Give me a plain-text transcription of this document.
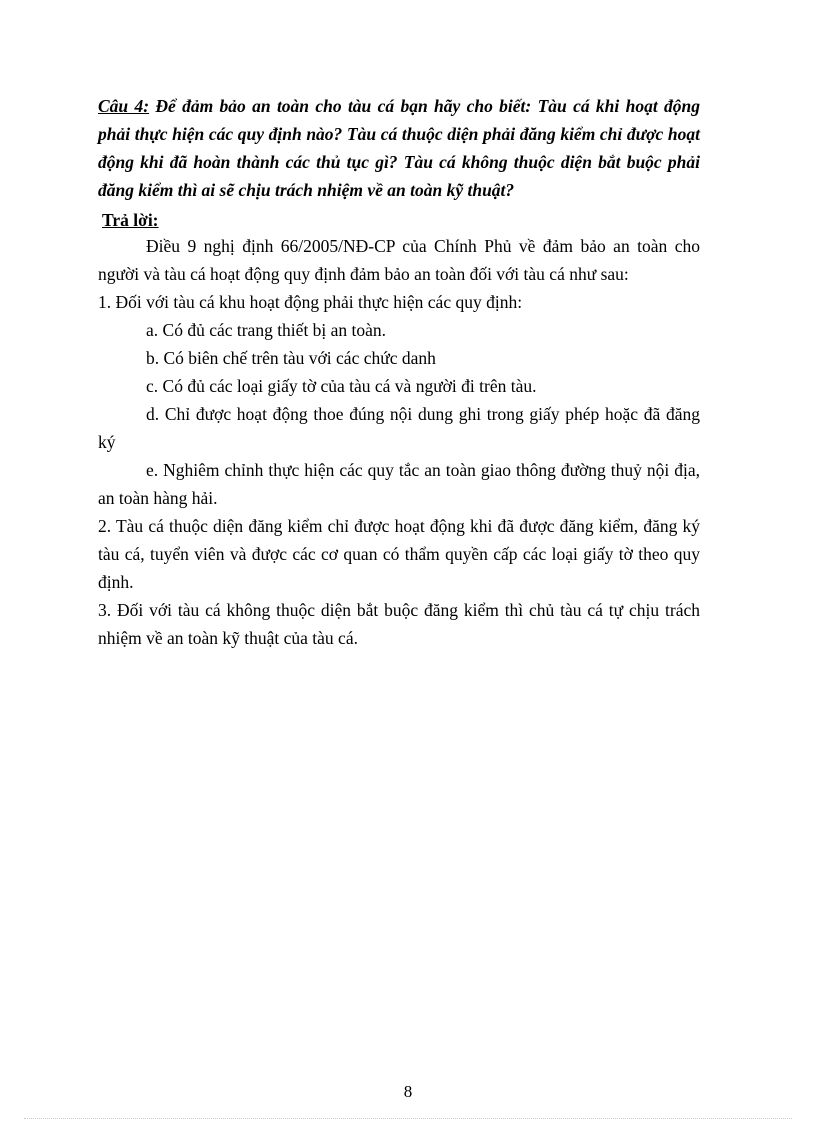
Câu 4: Để đảm bảo an toàn cho tàu cá bạn hãy cho biết: Tàu cá khi hoạt động phải thực hiện các quy định nào? Tàu cá thuộc diện phải đăng kiểm chỉ được hoạt động khi đã hoàn thành các thủ tục gì? Tàu cá không thuộc diện bắt buộc phải đăng kiểm thì ai sẽ chịu trách nhiệm về an toàn kỹ thuật?

Trả lời:

Điều 9 nghị định 66/2005/NĐ-CP của Chính Phủ về đảm bảo an toàn cho người và tàu cá hoạt động quy định đảm bảo an toàn đối với tàu cá như sau:

1. Đối với tàu cá khu hoạt động phải thực hiện các quy định:

a. Có đủ các trang thiết bị an toàn.

b. Có biên chế trên tàu với các chức danh

c. Có đủ các loại giấy tờ của tàu cá và người đi trên tàu.

d. Chỉ được hoạt động thoe đúng nội dung ghi trong giấy phép hoặc đã đăng ký

e. Nghiêm chỉnh thực hiện các quy tắc an toàn giao thông đường thuỷ nội địa, an toàn hàng hải.

2. Tàu cá thuộc diện đăng kiểm chỉ được hoạt động khi đã được đăng kiểm, đăng ký tàu cá, tuyển viên và được các cơ quan có thẩm quyền cấp các loại giấy tờ theo quy định.

3. Đối với tàu cá không thuộc diện bắt buộc đăng kiểm thì chủ tàu cá tự chịu trách nhiệm về an toàn kỹ thuật của tàu cá.

8
